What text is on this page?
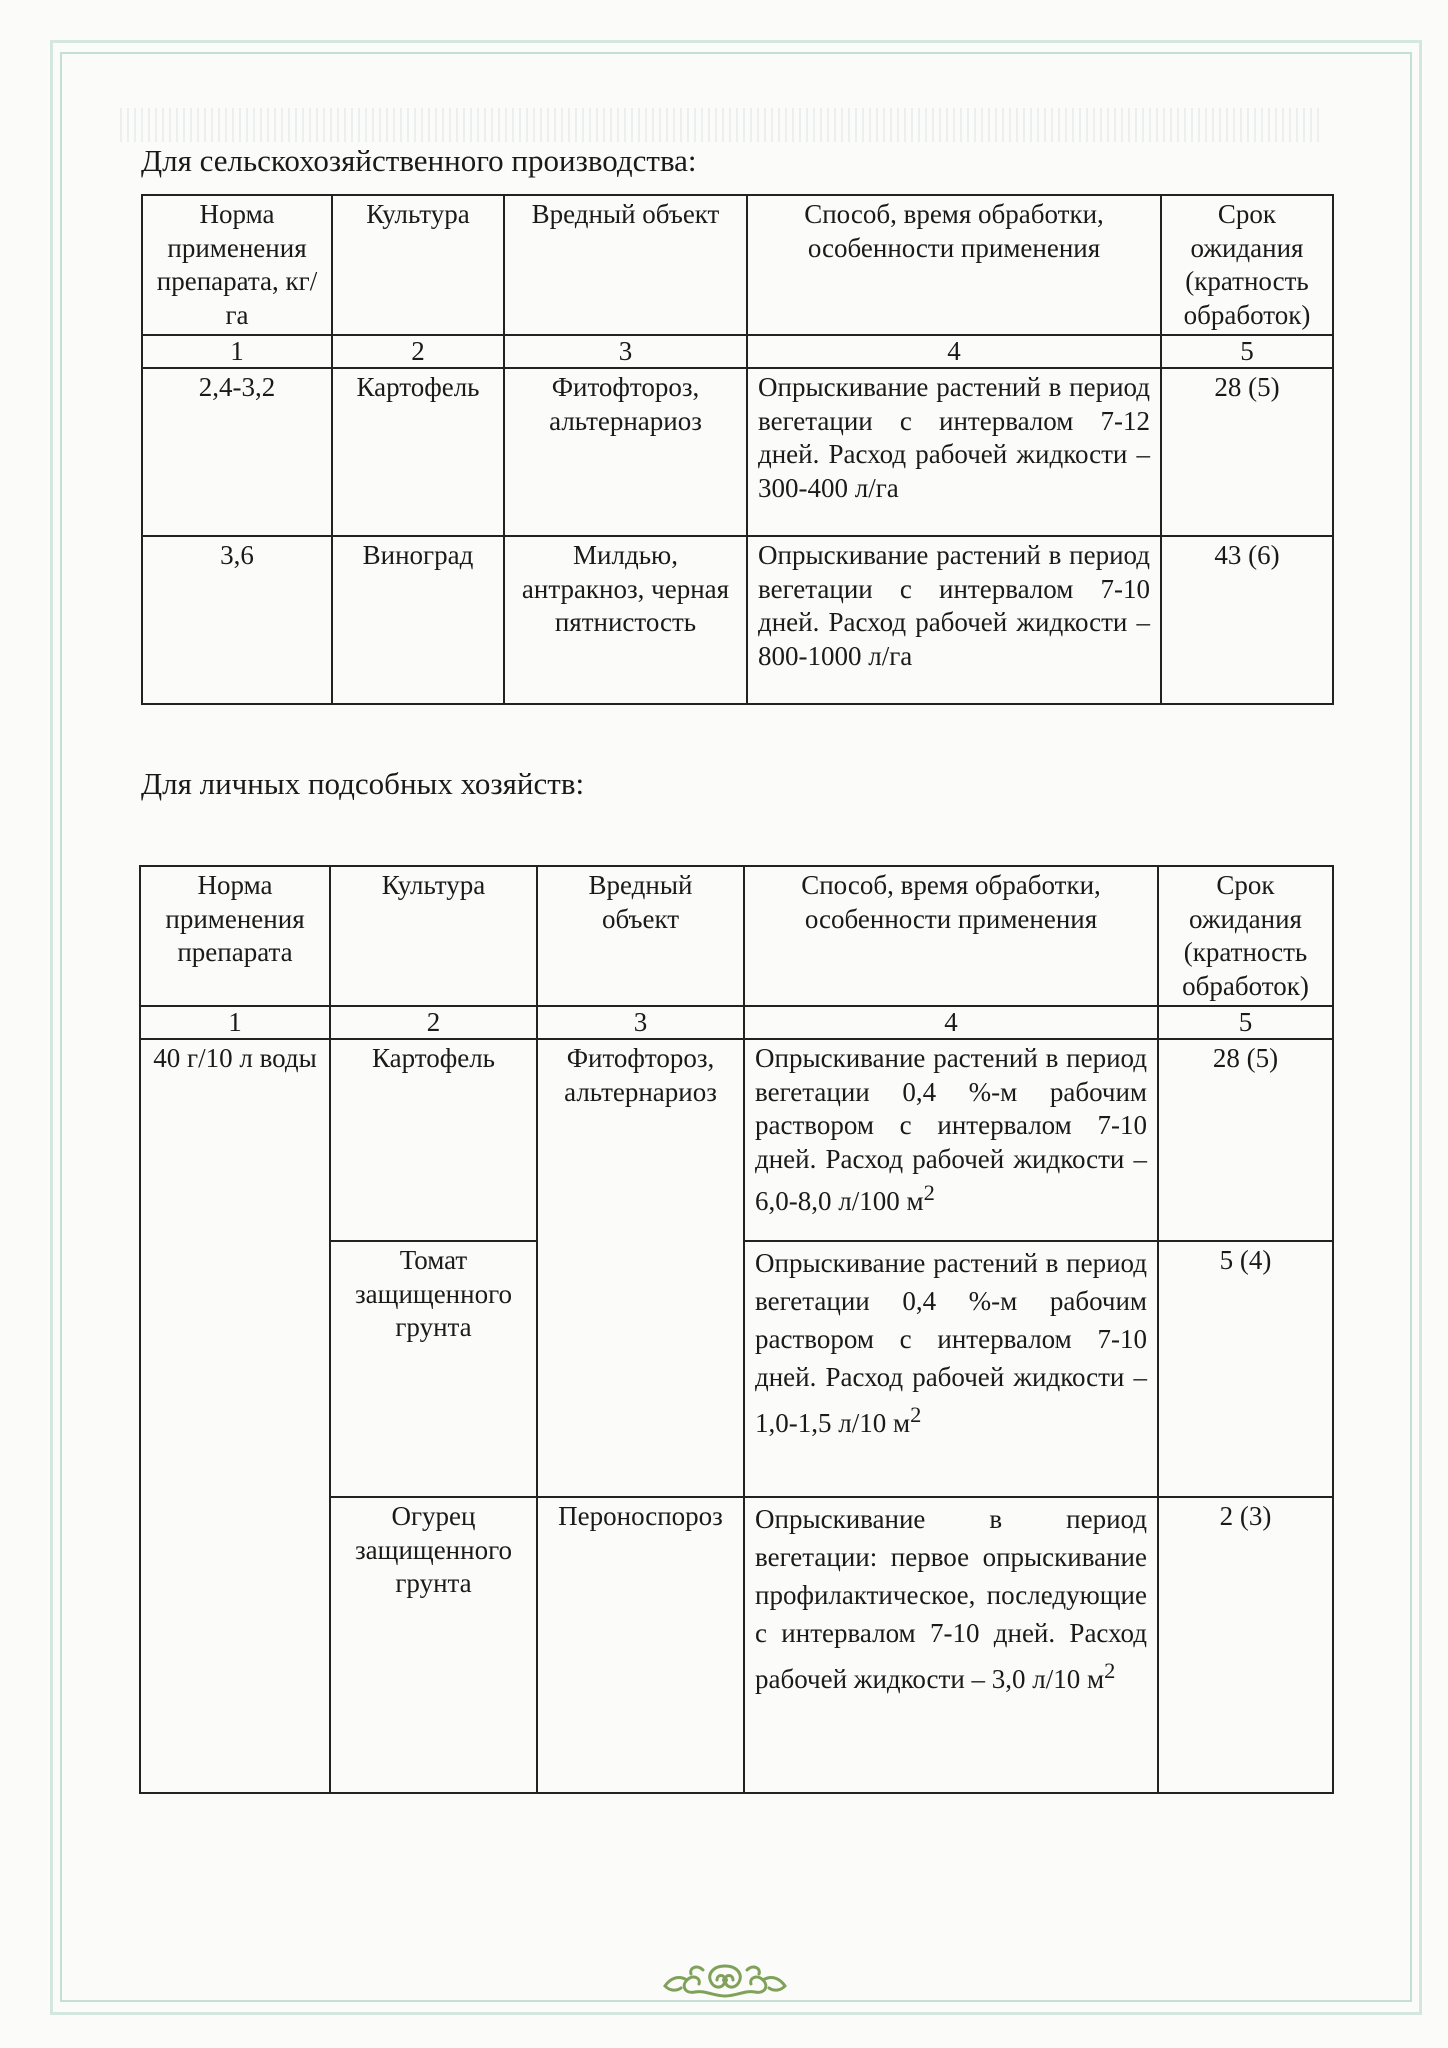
Для сельскохозяйственного производства:
Норма применения препарата, кг/га	Культура	Вредный объект	Способ, время обработки, особенности применения	Срок ожидания (кратность обработок)
1	2	3	4	5
2,4-3,2	Картофель	Фитофтороз, альтернариоз	Опрыскивание растений в период вегетации с интервалом 7-12 дней. Расход рабочей жидкости – 300-400 л/га	28 (5)
3,6	Виноград	Милдью, антракноз, черная пятнистость	Опрыскивание растений в период вегетации с интервалом 7-10 дней. Расход рабочей жидкости – 800-1000 л/га	43 (6)
Для личных подсобных хозяйств:
Норма применения препарата	Культура	Вредный объект	Способ, время обработки, особенности применения	Срок ожидания (кратность обработок)
1	2	3	4	5
40 г/10 л воды	Картофель	Фитофтороз, альтернариоз	Опрыскивание растений в период вегетации 0,4 %-м рабочим раствором с интервалом 7-10 дней. Расход рабочей жидкости – 6,0-8,0 л/100 $м^2$	28 (5)
	Томат защищенного грунта		Опрыскивание растений в период вегетации 0,4 %-м рабочим раствором с интервалом 7-10 дней. Расход рабочей жидкости – 1,0-1,5 л/10 $м^2$	5 (4)
	Огурец защищенного грунта	Пероноспороз	Опрыскивание в период вегетации: первое опрыскивание профилактическое, последующие с интервалом 7-10 дней. Расход рабочей жидкости – 3,0 л/10 $м^2$	2 (3)
